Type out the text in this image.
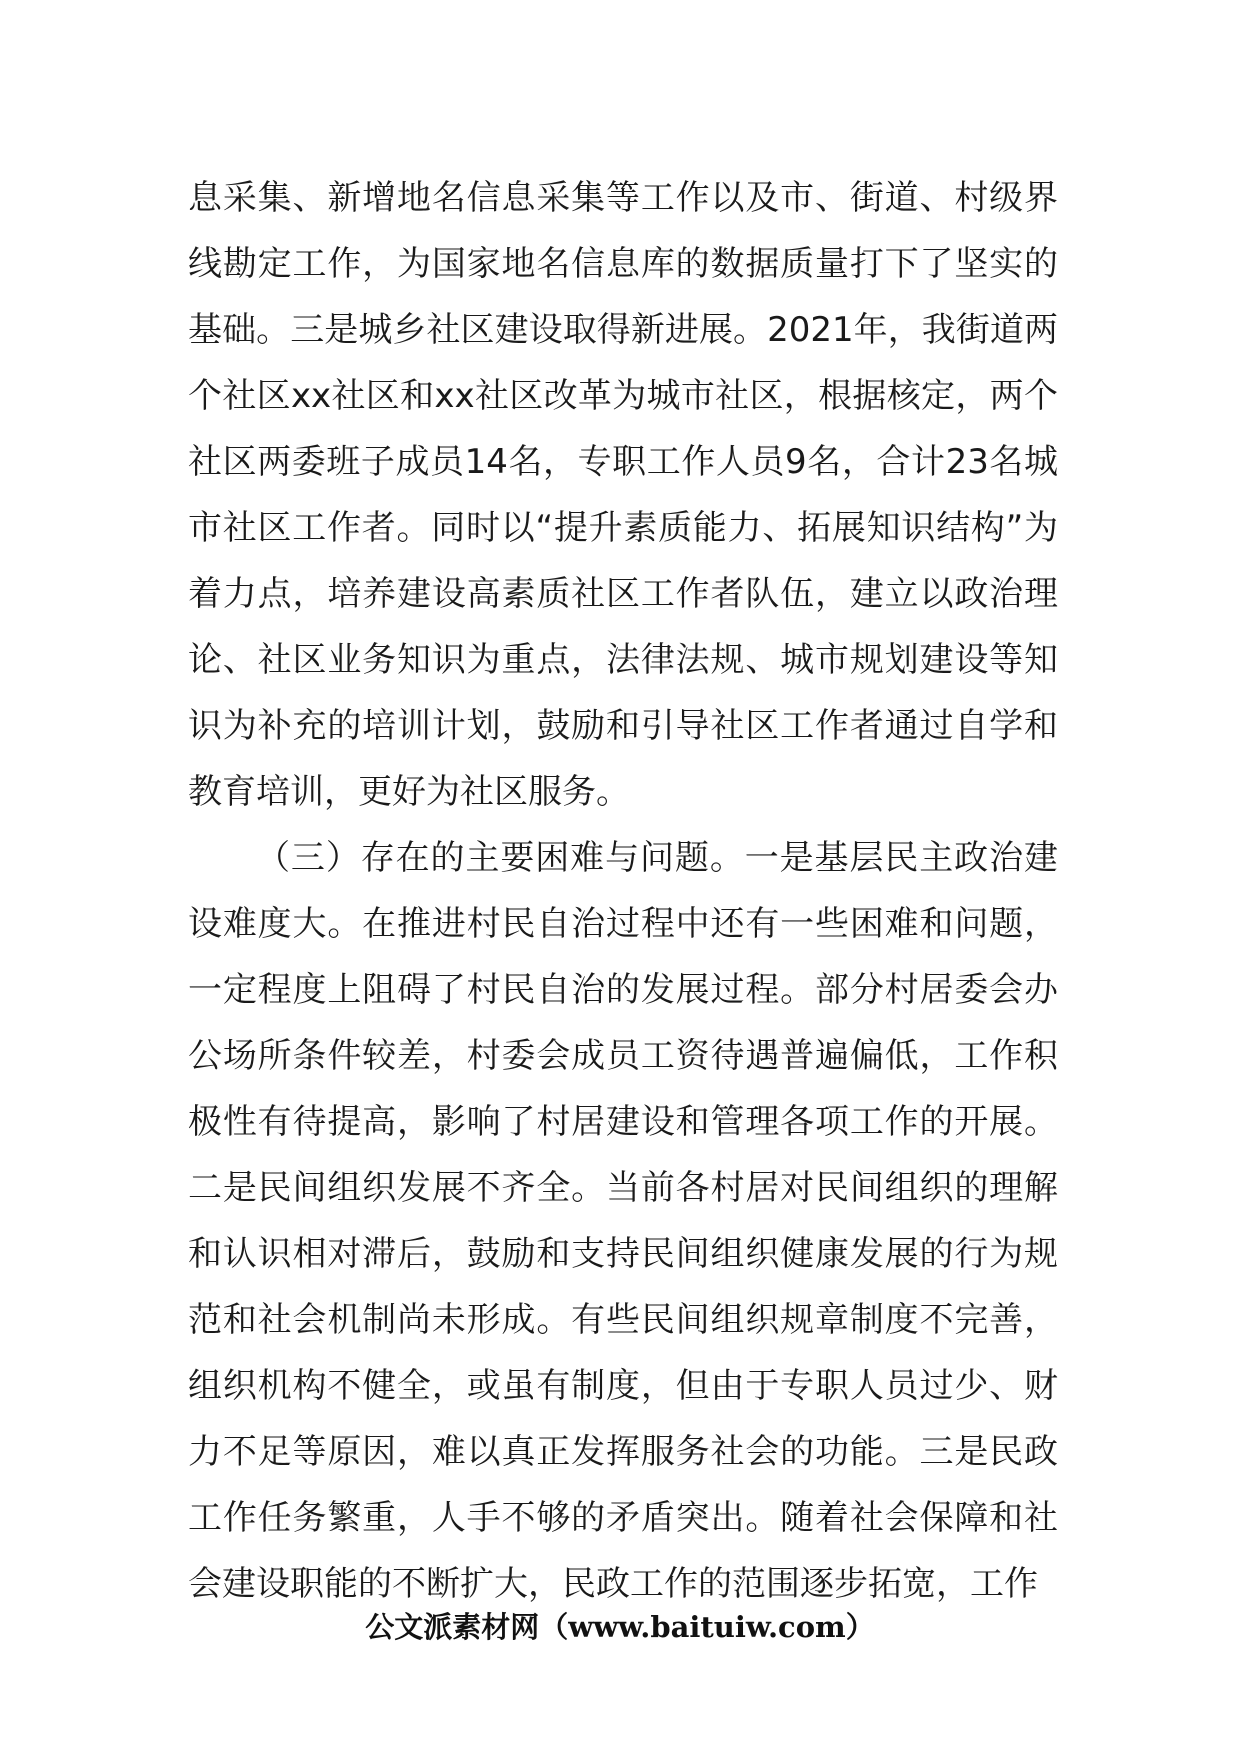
息采集、新增地名信息采集等工作以及市、街道、村级界线勘定工作，为国家地名信息库的数据质量打下了坚实的基础。三是城乡社区建设取得新进展。2021年，我街道两个社区xx社区和xx社区改革为城市社区，根据核定，两个社区两委班子成员14名，专职工作人员9名，合计23名城市社区工作者。同时以“提升素质能力、拓展知识结构”为着力点，培养建设高素质社区工作者队伍，建立以政治理论、社区业务知识为重点，法律法规、城市规划建设等知识为补充的培训计划，鼓励和引导社区工作者通过自学和教育培训，更好为社区服务。

（三）存在的主要困难与问题。一是基层民主政治建设难度大。在推进村民自治过程中还有一些困难和问题，一定程度上阻碍了村民自治的发展过程。部分村居委会办公场所条件较差，村委会成员工资待遇普遍偏低，工作积极性有待提高，影响了村居建设和管理各项工作的开展。二是民间组织发展不齐全。当前各村居对民间组织的理解和认识相对滞后，鼓励和支持民间组织健康发展的行为规范和社会机制尚未形成。有些民间组织规章制度不完善，组织机构不健全，或虽有制度，但由于专职人员过少、财力不足等原因，难以真正发挥服务社会的功能。三是民政工作任务繁重，人手不够的矛盾突出。随着社会保障和社会建设职能的不断扩大，民政工作的范围逐步拓宽，工作

公文派素材网（www.baituiw.com）
